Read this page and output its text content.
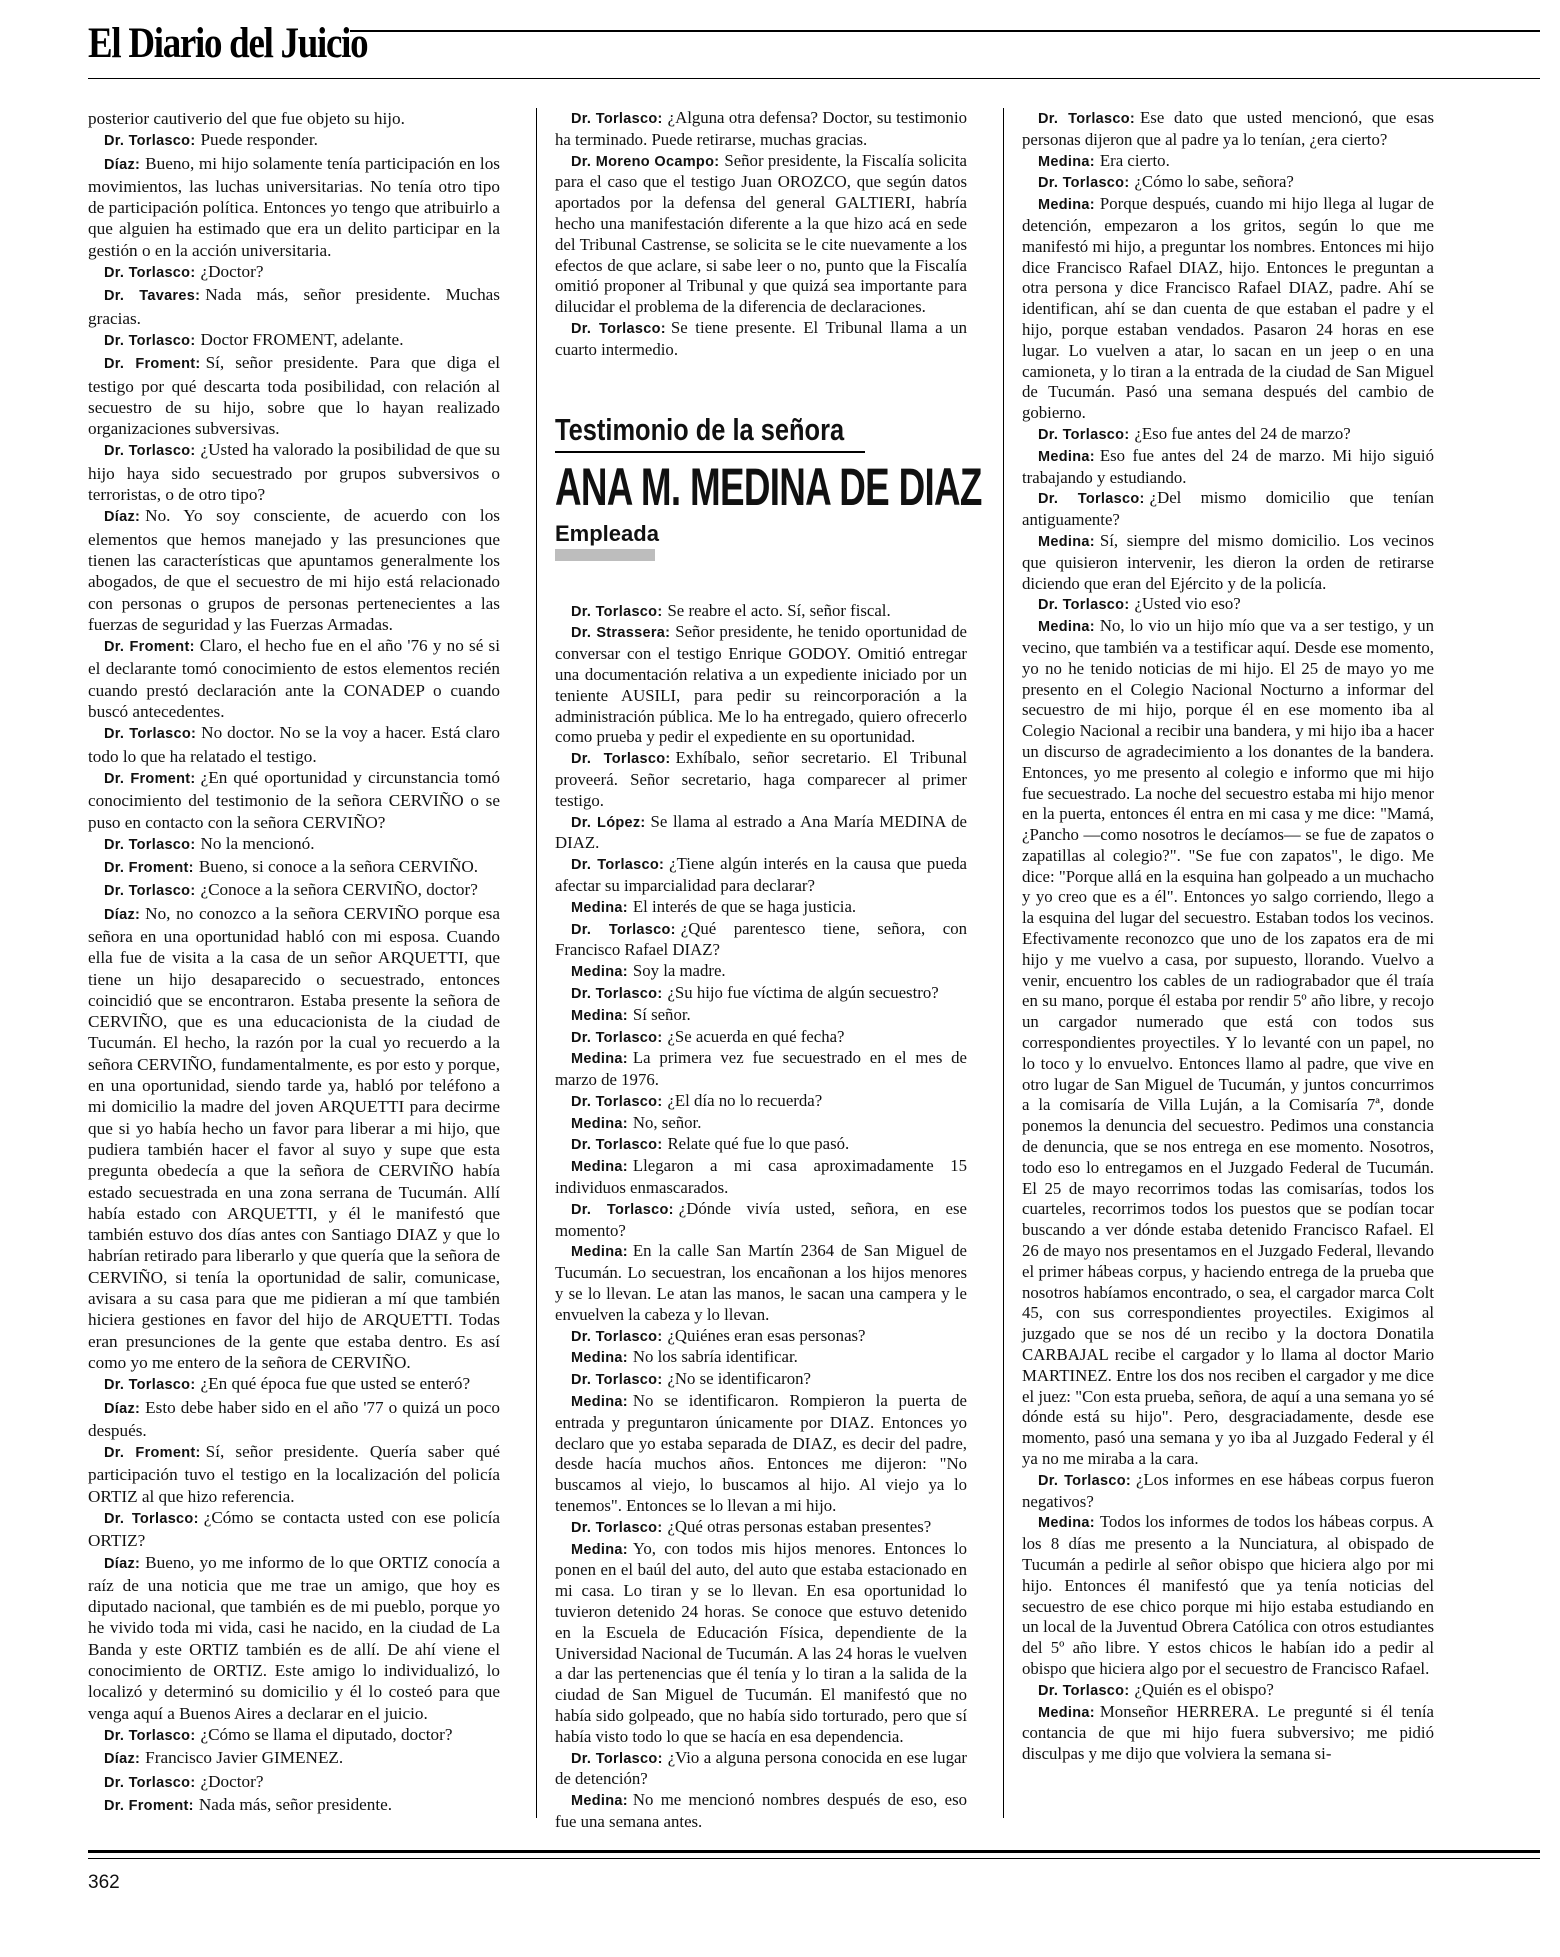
El Diario del Juicio

posterior cautiverio del que fue objeto su hijo.

Dr. Torlasco: Puede responder.

Díaz: Bueno, mi hijo solamente tenía participación en los movimientos, las luchas universitarias. No tenía otro tipo de participación política. Entonces yo tengo que atribuirlo a que alguien ha estimado que era un delito participar en la gestión o en la acción universitaria.

Dr. Torlasco: ¿Doctor?

Dr. Tavares: Nada más, señor presidente. Muchas gracias.

Dr. Torlasco: Doctor FROMENT, adelante.

Dr. Froment: Sí, señor presidente. Para que diga el testigo por qué descarta toda posibilidad, con relación al secuestro de su hijo, sobre que lo hayan realizado organizaciones subversivas.

Dr. Torlasco: ¿Usted ha valorado la posibilidad de que su hijo haya sido secuestrado por grupos subversivos o terroristas, o de otro tipo?

Díaz: No. Yo soy consciente, de acuerdo con los elementos que hemos manejado y las presunciones que tienen las características que apuntamos generalmente los abogados, de que el secuestro de mi hijo está relacionado con personas o grupos de personas pertenecientes a las fuerzas de seguridad y las Fuerzas Armadas.

Dr. Froment: Claro, el hecho fue en el año '76 y no sé si el declarante tomó conocimiento de estos elementos recién cuando prestó declaración ante la CONADEP o cuando buscó antecedentes.

Dr. Torlasco: No doctor. No se la voy a hacer. Está claro todo lo que ha relatado el testigo.

Dr. Froment: ¿En qué oportunidad y circunstancia tomó conocimiento del testimonio de la señora CERVIÑO o se puso en contacto con la señora CERVIÑO?

Dr. Torlasco: No la mencionó.

Dr. Froment: Bueno, si conoce a la señora CERVIÑO.

Dr. Torlasco: ¿Conoce a la señora CERVIÑO, doctor?

Díaz: No, no conozco a la señora CERVIÑO porque esa señora en una oportunidad habló con mi esposa. Cuando ella fue de visita a la casa de un señor ARQUETTI, que tiene un hijo desaparecido o secuestrado, entonces coincidió que se encontraron. Estaba presente la señora de CERVIÑO, que es una educacionista de la ciudad de Tucumán. El hecho, la razón por la cual yo recuerdo a la señora CERVIÑO, fundamentalmente, es por esto y porque, en una oportunidad, siendo tarde ya, habló por teléfono a mi domicilio la madre del joven ARQUETTI para decirme que si yo había hecho un favor para liberar a mi hijo, que pudiera también hacer el favor al suyo y supe que esta pregunta obedecía a que la señora de CERVIÑO había estado secuestrada en una zona serrana de Tucumán. Allí había estado con ARQUETTI, y él le manifestó que también estuvo dos días antes con Santiago DIAZ y que lo habrían retirado para liberarlo y que quería que la señora de CERVIÑO, si tenía la oportunidad de salir, comunicase, avisara a su casa para que me pidieran a mí que también hiciera gestiones en favor del hijo de ARQUETTI. Todas eran presunciones de la gente que estaba dentro. Es así como yo me entero de la señora de CERVIÑO.

Dr. Torlasco: ¿En qué época fue que usted se enteró?

Díaz: Esto debe haber sido en el año '77 o quizá un poco después.

Dr. Froment: Sí, señor presidente. Quería saber qué participación tuvo el testigo en la localización del policía ORTIZ al que hizo referencia.

Dr. Torlasco: ¿Cómo se contacta usted con ese policía ORTIZ?

Díaz: Bueno, yo me informo de lo que ORTIZ conocía a raíz de una noticia que me trae un amigo, que hoy es diputado nacional, que también es de mi pueblo, porque yo he vivido toda mi vida, casi he nacido, en la ciudad de La Banda y este ORTIZ también es de allí. De ahí viene el conocimiento de ORTIZ. Este amigo lo individualizó, lo localizó y determinó su domicilio y él lo costeó para que venga aquí a Buenos Aires a declarar en el juicio.

Dr. Torlasco: ¿Cómo se llama el diputado, doctor?

Díaz: Francisco Javier GIMENEZ.

Dr. Torlasco: ¿Doctor?

Dr. Froment: Nada más, señor presidente.

Dr. Torlasco: ¿Alguna otra defensa? Doctor, su testimonio ha terminado. Puede retirarse, muchas gracias.

Dr. Moreno Ocampo: Señor presidente, la Fiscalía solicita para el caso que el testigo Juan OROZCO, que según datos aportados por la defensa del general GALTIERI, habría hecho una manifestación diferente a la que hizo acá en sede del Tribunal Castrense, se solicita se le cite nuevamente a los efectos de que aclare, si sabe leer o no, punto que la Fiscalía omitió proponer al Tribunal y que quizá sea importante para dilucidar el problema de la diferencia de declaraciones.

Dr. Torlasco: Se tiene presente. El Tribunal llama a un cuarto intermedio.

Testimonio de la señora
ANA M. MEDINA DE DIAZ
Empleada

Dr. Torlasco: Se reabre el acto. Sí, señor fiscal.

Dr. Strassera: Señor presidente, he tenido oportunidad de conversar con el testigo Enrique GODOY. Omitió entregar una documentación relativa a un expediente iniciado por un teniente AUSILI, para pedir su reincorporación a la administración pública. Me lo ha entregado, quiero ofrecerlo como prueba y pedir el expediente en su oportunidad.

Dr. Torlasco: Exhíbalo, señor secretario. El Tribunal proveerá. Señor secretario, haga comparecer al primer testigo.

Dr. López: Se llama al estrado a Ana María MEDINA de DIAZ.

Dr. Torlasco: ¿Tiene algún interés en la causa que pueda afectar su imparcialidad para declarar?

Medina: El interés de que se haga justicia.

Dr. Torlasco: ¿Qué parentesco tiene, señora, con Francisco Rafael DIAZ?

Medina: Soy la madre.

Dr. Torlasco: ¿Su hijo fue víctima de algún secuestro?

Medina: Sí señor.

Dr. Torlasco: ¿Se acuerda en qué fecha?

Medina: La primera vez fue secuestrado en el mes de marzo de 1976.

Dr. Torlasco: ¿El día no lo recuerda?

Medina: No, señor.

Dr. Torlasco: Relate qué fue lo que pasó.

Medina: Llegaron a mi casa aproximadamente 15 individuos enmascarados.

Dr. Torlasco: ¿Dónde vivía usted, señora, en ese momento?

Medina: En la calle San Martín 2364 de San Miguel de Tucumán. Lo secuestran, los encañonan a los hijos menores y se lo llevan. Le atan las manos, le sacan una campera y le envuelven la cabeza y lo llevan.

Dr. Torlasco: ¿Quiénes eran esas personas?

Medina: No los sabría identificar.

Dr. Torlasco: ¿No se identificaron?

Medina: No se identificaron. Rompieron la puerta de entrada y preguntaron únicamente por DIAZ. Entonces yo declaro que yo estaba separada de DIAZ, es decir del padre, desde hacía muchos años. Entonces me dijeron: "No buscamos al viejo, lo buscamos al hijo. Al viejo ya lo tenemos". Entonces se lo llevan a mi hijo.

Dr. Torlasco: ¿Qué otras personas estaban presentes?

Medina: Yo, con todos mis hijos menores. Entonces lo ponen en el baúl del auto, del auto que estaba estacionado en mi casa. Lo tiran y se lo llevan. En esa oportunidad lo tuvieron detenido 24 horas. Se conoce que estuvo detenido en la Escuela de Educación Física, dependiente de la Universidad Nacional de Tucumán. A las 24 horas le vuelven a dar las pertenencias que él tenía y lo tiran a la salida de la ciudad de San Miguel de Tucumán. El manifestó que no había sido golpeado, que no había sido torturado, pero que sí había visto todo lo que se hacía en esa dependencia.

Dr. Torlasco: ¿Vio a alguna persona conocida en ese lugar de detención?

Medina: No me mencionó nombres después de eso, eso fue una semana antes.

Dr. Torlasco: Ese dato que usted mencionó, que esas personas dijeron que al padre ya lo tenían, ¿era cierto?

Medina: Era cierto.

Dr. Torlasco: ¿Cómo lo sabe, señora?

Medina: Porque después, cuando mi hijo llega al lugar de detención, empezaron a los gritos, según lo que me manifestó mi hijo, a preguntar los nombres. Entonces mi hijo dice Francisco Rafael DIAZ, hijo. Entonces le preguntan a otra persona y dice Francisco Rafael DIAZ, padre. Ahí se identifican, ahí se dan cuenta de que estaban el padre y el hijo, porque estaban vendados. Pasaron 24 horas en ese lugar. Lo vuelven a atar, lo sacan en un jeep o en una camioneta, y lo tiran a la entrada de la ciudad de San Miguel de Tucumán. Pasó una semana después del cambio de gobierno.

Dr. Torlasco: ¿Eso fue antes del 24 de marzo?

Medina: Eso fue antes del 24 de marzo. Mi hijo siguió trabajando y estudiando.

Dr. Torlasco: ¿Del mismo domicilio que tenían antiguamente?

Medina: Sí, siempre del mismo domicilio. Los vecinos que quisieron intervenir, les dieron la orden de retirarse diciendo que eran del Ejército y de la policía.

Dr. Torlasco: ¿Usted vio eso?

Medina: No, lo vio un hijo mío que va a ser testigo, y un vecino, que también va a testificar aquí. Desde ese momento, yo no he tenido noticias de mi hijo. El 25 de mayo yo me presento en el Colegio Nacional Nocturno a informar del secuestro de mi hijo, porque él en ese momento iba al Colegio Nacional a recibir una bandera, y mi hijo iba a hacer un discurso de agradecimiento a los donantes de la bandera. Entonces, yo me presento al colegio e informo que mi hijo fue secuestrado. La noche del secuestro estaba mi hijo menor en la puerta, entonces él entra en mi casa y me dice: "Mamá, ¿Pancho —como nosotros le decíamos— se fue de zapatos o zapatillas al colegio?". "Se fue con zapatos", le digo. Me dice: "Porque allá en la esquina han golpeado a un muchacho y yo creo que es a él". Entonces yo salgo corriendo, llego a la esquina del lugar del secuestro. Estaban todos los vecinos. Efectivamente reconozco que uno de los zapatos era de mi hijo y me vuelvo a casa, por supuesto, llorando. Vuelvo a venir, encuentro los cables de un radiograbador que él traía en su mano, porque él estaba por rendir 5º año libre, y recojo un cargador numerado que está con todos sus correspondientes proyectiles. Y lo levanté con un papel, no lo toco y lo envuelvo. Entonces llamo al padre, que vive en otro lugar de San Miguel de Tucumán, y juntos concurrimos a la comisaría de Villa Luján, a la Comisaría 7ª, donde ponemos la denuncia del secuestro. Pedimos una constancia de denuncia, que se nos entrega en ese momento. Nosotros, todo eso lo entregamos en el Juzgado Federal de Tucumán. El 25 de mayo recorrimos todas las comisarías, todos los cuarteles, recorrimos todos los puestos que se podían tocar buscando a ver dónde estaba detenido Francisco Rafael. El 26 de mayo nos presentamos en el Juzgado Federal, llevando el primer hábeas corpus, y haciendo entrega de la prueba que nosotros habíamos encontrado, o sea, el cargador marca Colt 45, con sus correspondientes proyectiles. Exigimos al juzgado que se nos dé un recibo y la doctora Donatila CARBAJAL recibe el cargador y lo llama al doctor Mario MARTINEZ. Entre los dos nos reciben el cargador y me dice el juez: "Con esta prueba, señora, de aquí a una semana yo sé dónde está su hijo". Pero, desgraciadamente, desde ese momento, pasó una semana y yo iba al Juzgado Federal y él ya no me miraba a la cara.

Dr. Torlasco: ¿Los informes en ese hábeas corpus fueron negativos?

Medina: Todos los informes de todos los hábeas corpus. A los 8 días me presento a la Nunciatura, al obispado de Tucumán a pedirle al señor obispo que hiciera algo por mi hijo. Entonces él manifestó que ya tenía noticias del secuestro de ese chico porque mi hijo estaba estudiando en un local de la Juventud Obrera Católica con otros estudiantes del 5º año libre. Y estos chicos le habían ido a pedir al obispo que hiciera algo por el secuestro de Francisco Rafael.

Dr. Torlasco: ¿Quién es el obispo?

Medina: Monseñor HERRERA. Le pregunté si él tenía contancia de que mi hijo fuera subversivo; me pidió disculpas y me dijo que volviera la semana si-

362
